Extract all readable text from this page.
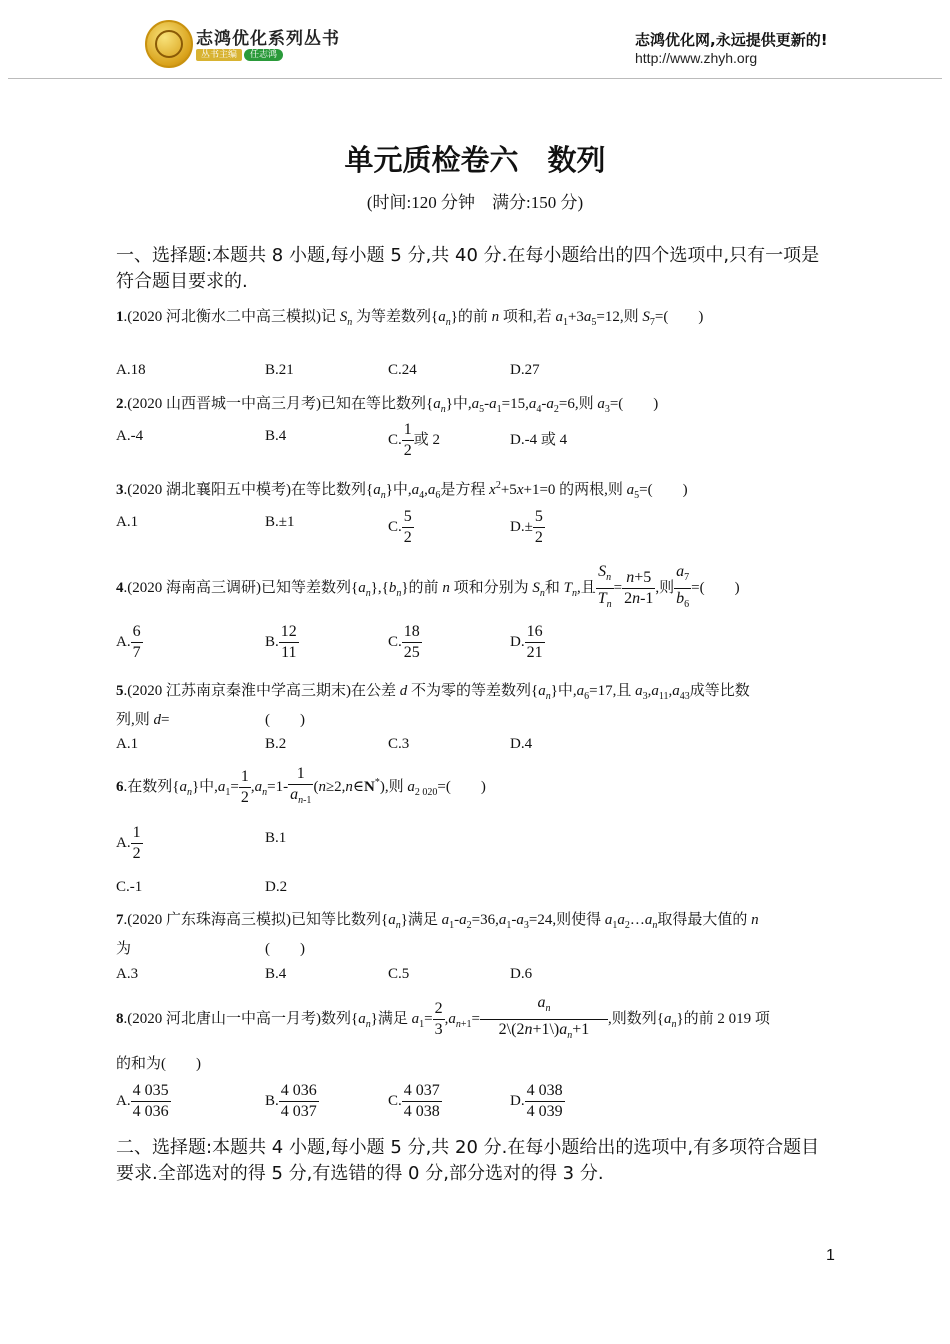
志鸿优化系列丛书
丛书主编 任志鸿
志鸿优化网,永远提供更新的!
http://www.zhyh.org
单元质检卷六　数列
(时间:120 分钟　满分:150 分)
一、选择题:本题共 8 小题,每小题 5 分,共 40 分.在每小题给出的四个选项中,只有一项是符合题目要求的.
1.(2020 河北衡水二中高三模拟)记 $S_n$ 为等差数列$\{a_n\}$的前 n 项和,若 $a_1+3a_5=12$,则 $S_7=$(　　)
A.18	B.21	C.24	D.27
2.(2020 山西晋城一中高三月考)已知在等比数列$\{a_n\}$中$,a_5-a_1=15,a_4-a_2=6$,则 $a_3=$(　　)
A.-4	B.4	C. $\frac{1}{2}$ 或 2	D.-4 或 4
3.(2020 湖北襄阳五中模考)在等比数列$\{a_n\}$中$,a_4,a_6$是方程 $x^2+5x+1=0$ 的两根,则 $a_5=$(　　)
A.1	B.±1	C. $\frac{5}{2}$	$D.\pm \frac{5}{2}$
4.(2020 海南高三调研)已知等差数列$\{a_n\},\{b_n\}$的前 n 项和分别为 $S_n$和 $T_n$,且 $\frac{S_n}{T_n} = \frac{n+5}{2n-1}$ ,则 $\frac{a_7}{b_6}$ =(　　)
A. $\frac{6}{7}$	B. $\frac{12}{11}$	C. $\frac{18}{25}$	D. $\frac{16}{21}$
5.(2020 江苏南京秦淮中学高三期末)在公差 d 不为零的等差数列$\{a_n\}$中$,a_6=17$,且 $a_3,a_{11},a_{43}$成等比数
列,则 d=	(　　)
A.1	B.2	C.3	D.4
6.在数列$\{a_n\}$中$,a_1= \frac{1}{2} ,a_n=1- \frac{1}{a_{n-1}}$ (n≥2,n∈N*),则 $a_{2 020}=$(　　)
A. $\frac{1}{2}$	B.1
C.-1	D.2
7.(2020 广东珠海高三模拟)已知等比数列$\{a_n\}$满足 $a_1-a_2=36,a_1-a_3=24$,则使得 $a_1a_2\dots a_n$取得最大值的 n
为	(　　)
A.3	B.4	C.5	D.6
8.(2020 河北唐山一中高一月考)数列$\{a_n\}$满足 $a_1= \frac{2}{3} ,a_{n+1}= \frac{a_n}{2\backslash(2n+1\backslash)a_n+1}$ ,则数列$\{a_n\}$的前 2 019 项
的和为(　　)
A. $\frac{4 035}{4 036}$	B. $\frac{4 036}{4 037}$	C. $\frac{4 037}{4 038}$	D. $\frac{4 038}{4 039}$
二、选择题:本题共 4 小题,每小题 5 分,共 20 分.在每小题给出的选项中,有多项符合题目要求.全部选对的得 5 分,有选错的得 0 分,部分选对的得 3 分.
1
